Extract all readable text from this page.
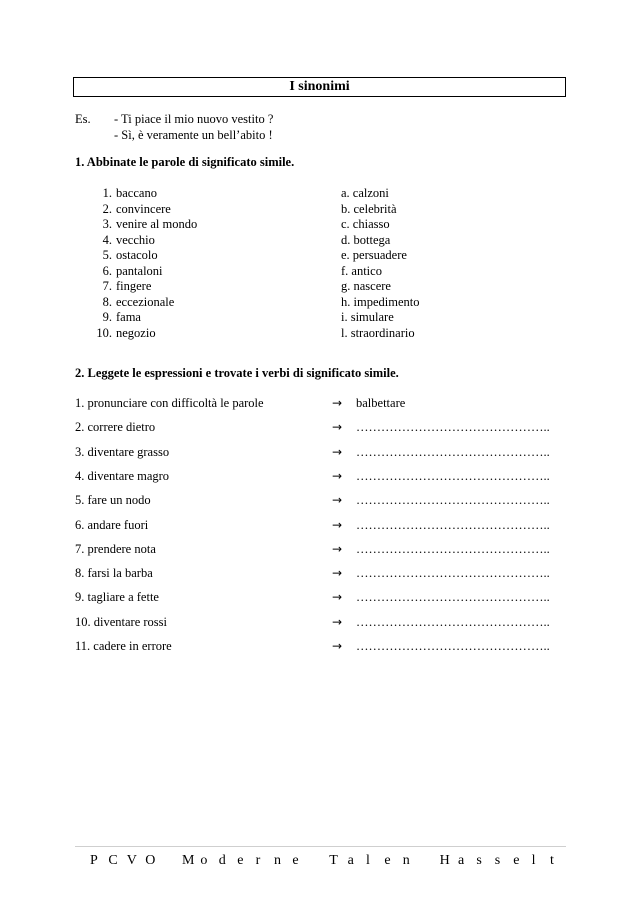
I sinonimi
Es. - Ti piace il mio nuovo vestito ?
- Sì, è veramente un bell’abito !
1. Abbinate le parole di significato simile.
1. baccano	a. calzoni
2. convincere	b. celebrità
3. venire al mondo	c. chiasso
4. vecchio	d. bottega
5. ostacolo	e. persuadere
6. pantaloni	f. antico
7. fingere	g. nascere
8. eccezionale	h. impedimento
9. fama	i. simulare
10. negozio	l. straordinario
2. Leggete le espressioni e trovate i verbi di significato simile.
1. pronunciare con difficoltà le parole	→ balbettare
2. correre dietro	→ ………………………………………..
3. diventare grasso	→ ………………………………………..
4. diventare magro	→ ………………………………………..
5. fare un nodo	→ ………………………………………..
6. andare fuori	→ ………………………………………..
7. prendere nota	→ ………………………………………..
8. farsi la barba	→ ………………………………………..
9. tagliare a fette	→ ………………………………………..
10. diventare rossi	→ ………………………………………..
11. cadere in errore	→ ………………………………………..
P C V O
M o d e r n e
T a l e n
H a s s e l t
